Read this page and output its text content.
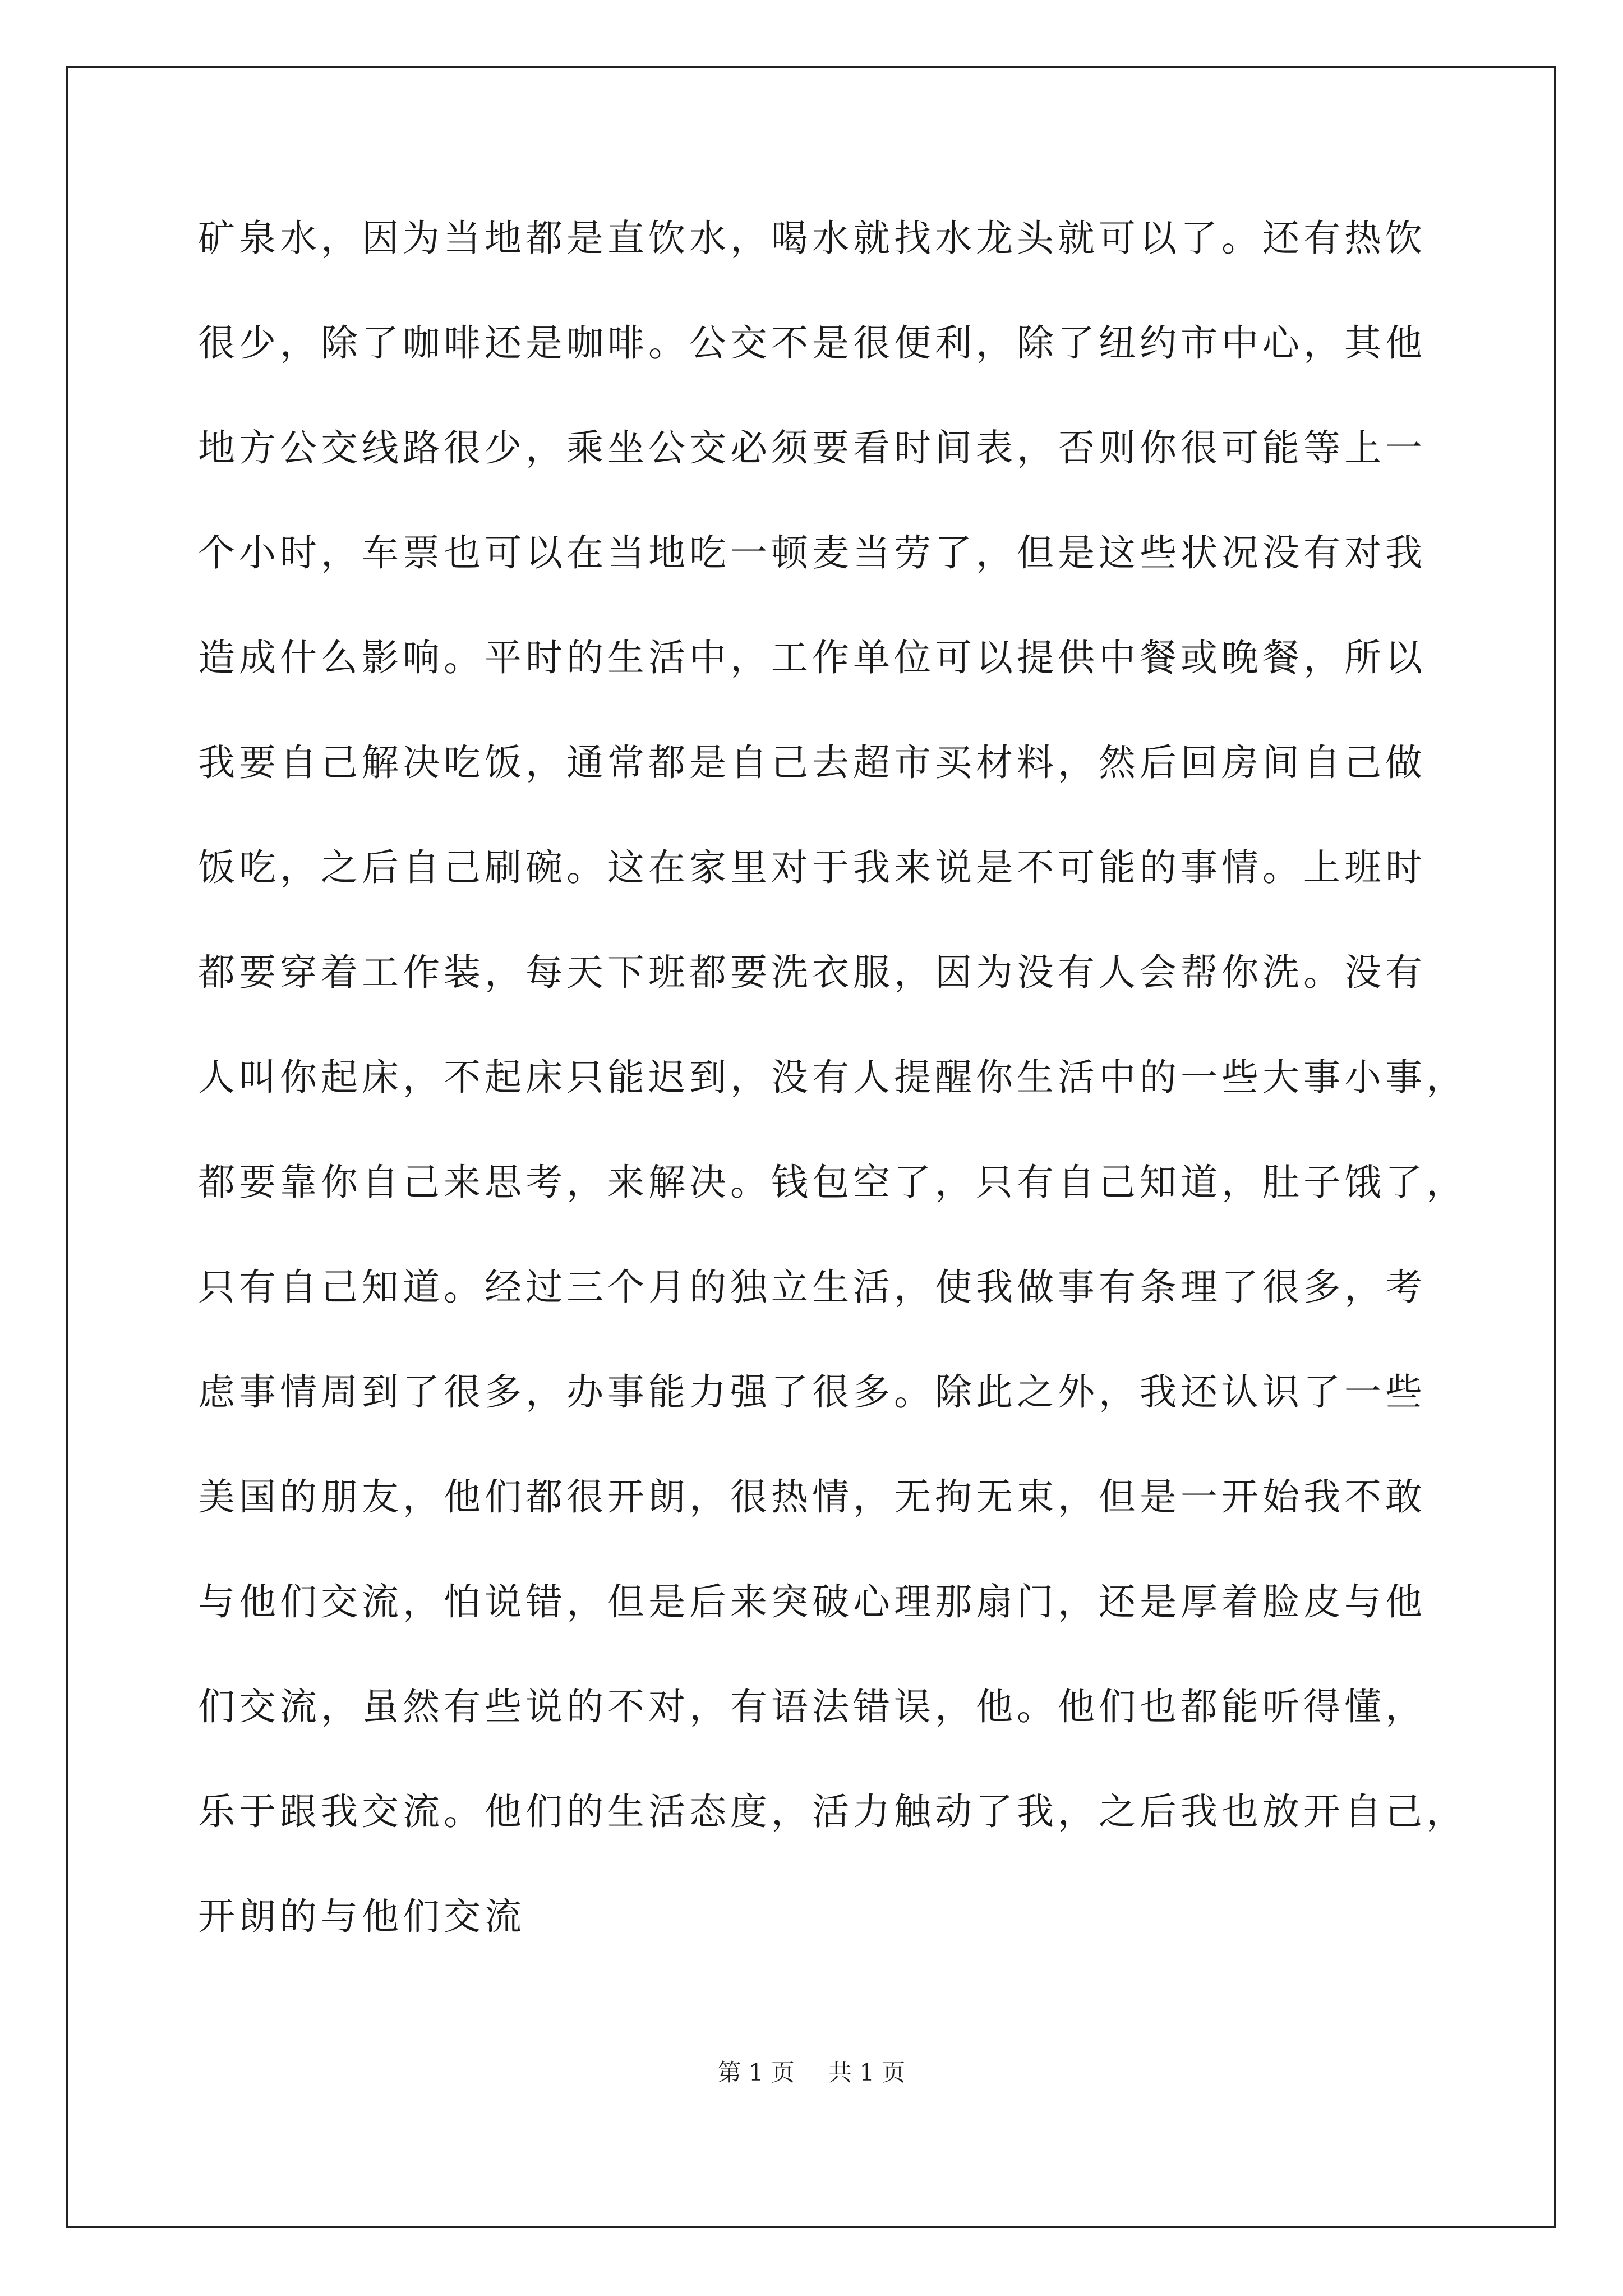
矿泉水，因为当地都是直饮水，喝水就找水龙头就可以了。还有热饮
很少，除了咖啡还是咖啡。公交不是很便利，除了纽约市中心，其他
地方公交线路很少，乘坐公交必须要看时间表，否则你很可能等上一
个小时，车票也可以在当地吃一顿麦当劳了，但是这些状况没有对我
造成什么影响。平时的生活中，工作单位可以提供中餐或晚餐，所以
我要自己解决吃饭，通常都是自己去超市买材料，然后回房间自己做
饭吃，之后自己刷碗。这在家里对于我来说是不可能的事情。上班时
都要穿着工作装，每天下班都要洗衣服，因为没有人会帮你洗。没有
人叫你起床，不起床只能迟到，没有人提醒你生活中的一些大事小事，
都要靠你自己来思考，来解决。钱包空了，只有自己知道，肚子饿了，
只有自己知道。经过三个月的独立生活，使我做事有条理了很多，考
虑事情周到了很多，办事能力强了很多。除此之外，我还认识了一些
美国的朋友，他们都很开朗，很热情，无拘无束，但是一开始我不敢
与他们交流，怕说错，但是后来突破心理那扇门，还是厚着脸皮与他
们交流，虽然有些说的不对，有语法错误，他。他们也都能听得懂，
乐于跟我交流。他们的生活态度，活力触动了我，之后我也放开自己，
开朗的与他们交流
第 1 页 共 1 页
